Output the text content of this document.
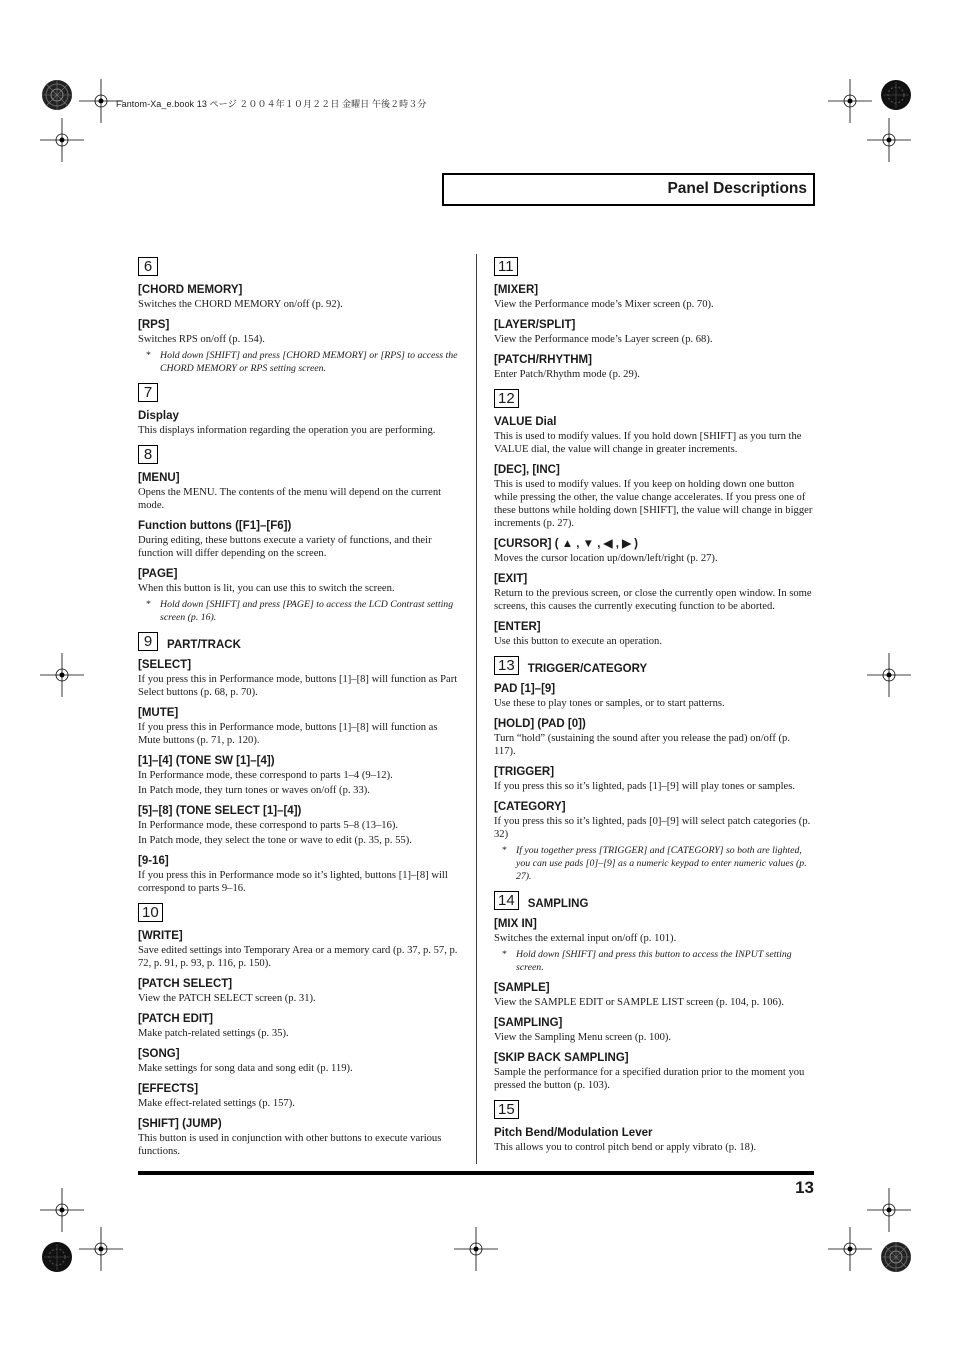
Fantom-Xa_e.book 13 ページ ２００４年１０月２２日 金曜日 午後２時３分
Panel Descriptions
6
[CHORD MEMORY]
Switches the CHORD MEMORY on/off (p. 92).
[RPS]
Switches RPS on/off (p. 154).
* Hold down [SHIFT] and press [CHORD MEMORY] or [RPS] to access the CHORD MEMORY or RPS setting screen.
7
Display
This displays information regarding the operation you are performing.
8
[MENU]
Opens the MENU. The contents of the menu will depend on the current mode.
Function buttons ([F1]–[F6])
During editing, these buttons execute a variety of functions, and their function will differ depending on the screen.
[PAGE]
When this button is lit, you can use this to switch the screen.
* Hold down [SHIFT] and press [PAGE] to access the LCD Contrast setting screen (p. 16).
9	PART/TRACK
[SELECT]
If you press this in Performance mode, buttons [1]–[8] will function as Part Select buttons (p. 68, p. 70).
[MUTE]
If you press this in Performance mode, buttons [1]–[8] will function as Mute buttons (p. 71, p. 120).
[1]–[4] (TONE SW [1]–[4])
In Performance mode, these correspond to parts 1–4 (9–12).
In Patch mode, they turn tones or waves on/off (p. 33).
[5]–[8] (TONE SELECT [1]–[4])
In Performance mode, these correspond to parts 5–8 (13–16).
In Patch mode, they select the tone or wave to edit (p. 35, p. 55).
[9-16]
If you press this in Performance mode so it’s lighted, buttons [1]–[8] will correspond to parts 9–16.
10
[WRITE]
Save edited settings into Temporary Area or a memory card (p. 37, p. 57, p. 72, p. 91, p. 93, p. 116, p. 150).
[PATCH SELECT]
View the PATCH SELECT screen (p. 31).
[PATCH EDIT]
Make patch-related settings (p. 35).
[SONG]
Make settings for song data and song edit (p. 119).
[EFFECTS]
Make effect-related settings (p. 157).
[SHIFT] (JUMP)
This button is used in conjunction with other buttons to execute various functions.
11
[MIXER]
View the Performance mode’s Mixer screen (p. 70).
[LAYER/SPLIT]
View the Performance mode’s Layer screen (p. 68).
[PATCH/RHYTHM]
Enter Patch/Rhythm mode (p. 29).
12
VALUE Dial
This is used to modify values. If you hold down [SHIFT] as you turn the VALUE dial, the value will change in greater increments.
[DEC], [INC]
This is used to modify values. If you keep on holding down one button while pressing the other, the value change accelerates. If you press one of these buttons while holding down [SHIFT], the value will change in bigger increments (p. 27).
[CURSOR] ( ▲ , ▼ , ◀ , ▶ )
Moves the cursor location up/down/left/right (p. 27).
[EXIT]
Return to the previous screen, or close the currently open window. In some screens, this causes the currently executing function to be aborted.
[ENTER]
Use this button to execute an operation.
13	TRIGGER/CATEGORY
PAD [1]–[9]
Use these to play tones or samples, or to start patterns.
[HOLD] (PAD [0])
Turn “hold” (sustaining the sound after you release the pad) on/off (p. 117).
[TRIGGER]
If you press this so it’s lighted, pads [1]–[9] will play tones or samples.
[CATEGORY]
If you press this so it’s lighted, pads [0]–[9] will select patch categories (p. 32)
* If you together press [TRIGGER] and [CATEGORY] so both are lighted, you can use pads [0]–[9] as a numeric keypad to enter numeric values (p. 27).
14	SAMPLING
[MIX IN]
Switches the external input on/off (p. 101).
* Hold down [SHIFT] and press this button to access the INPUT setting screen.
[SAMPLE]
View the SAMPLE EDIT or SAMPLE LIST screen (p. 104, p. 106).
[SAMPLING]
View the Sampling Menu screen (p. 100).
[SKIP BACK SAMPLING]
Sample the performance for a specified duration prior to the moment you pressed the button (p. 103).
15
Pitch Bend/Modulation Lever
This allows you to control pitch bend or apply vibrato (p. 18).
13
